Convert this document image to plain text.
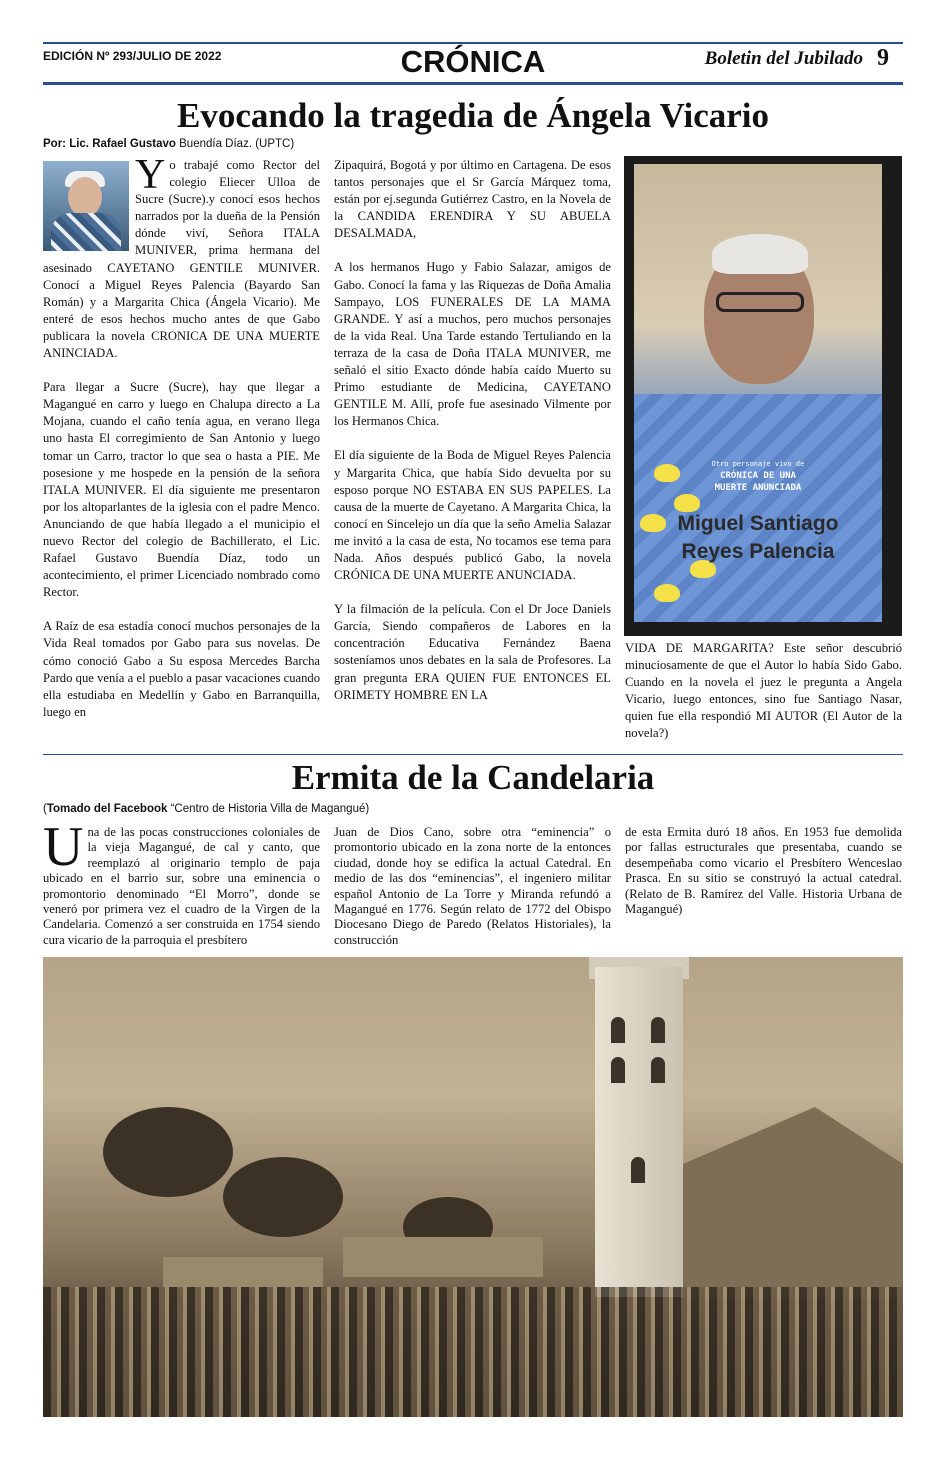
EDICIÓN Nº 293/JULIO DE 2022	CRÓNICA	Boletin del Jubilado 9
Evocando la tragedia de Ángela Vicario
Por: Lic. Rafael Gustavo Buendía Díaz. (UPTC)

Yo trabajé como Rector del colegio Eliecer Ulloa de Sucre (Sucre).y conocí esos hechos narrados por la dueña de la Pensión dónde viví, Señora ITALA MUNIVER, prima hermana del asesinado CAYETANO GENTILE MUNIVER. Conocí a Miguel Reyes Palencia (Bayardo San Román) y a Margarita Chica (Ángela Vicario). Me enteré de esos hechos mucho antes de que Gabo publicara la novela CRONICA DE UNA MUERTE ANINCIADA.

Para llegar a Sucre (Sucre), hay que llegar a Magangué en carro y luego en Chalupa directo a La Mojana, cuando el caño tenía agua, en verano llega uno hasta El corregimiento de San Antonio y luego tomar un Carro, tractor lo que sea o hasta a PIE. Me posesione y me hospede en la pensión de la señora ITALA MUNIVER. El día siguiente me presentaron por los altoparlantes de la iglesia con el padre Menco. Anunciando de que había llegado a el municipio el nuevo Rector del colegio de Bachillerato, el Lic. Rafael Gustavo Buendía Díaz, todo un acontecimiento, el primer Licenciado nombrado como Rector.

A Raíz de esa estadía conocí muchos personajes de la Vida Real tomados por Gabo para sus novelas. De cómo conoció Gabo a Su esposa Mercedes Barcha Pardo que venía a el pueblo a pasar vacaciones cuando ella estudiaba en Medellín y Gabo en Barranquilla, luego en

Zipaquirá, Bogotá y por último en Cartagena. De esos tantos personajes que el Sr García Márquez toma, están por ej.segunda Gutiérrez Castro, en la Novela de la CANDIDA ERENDIRA Y SU ABUELA DESALMADA,

A los hermanos Hugo y Fabio Salazar, amigos de Gabo. Conocí la fama y las Riquezas de Doña Amalia Sampayo, LOS FUNERALES DE LA MAMA GRANDE. Y así a muchos, pero muchos personajes de la vida Real. Una Tarde estando Tertuliando en la terraza de la casa de Doña ITALA MUNIVER, me señaló el sitio Exacto dónde había caído Muerto su Primo estudiante de Medicina, CAYETANO GENTILE M. Allí, profe fue asesinado Vilmente por los Hermanos Chica.

El día siguiente de la Boda de Miguel Reyes Palencia y Margarita Chica, que había Sido devuelta por su esposo porque NO ESTABA EN SUS PAPELES. La causa de la muerte de Cayetano. A Margarita Chica, la conocí en Sincelejo un día que la seño Amelia Salazar me invitó a la casa de esta, No tocamos ese tema para Nada. Años después publicó Gabo, la novela CRÓNICA DE UNA MUERTE ANUNCIADA.

Y la filmación de la película. Con el Dr Joce Daniels García, Siendo compañeros de Labores en la concentración Educativa Fernández Baena sosteníamos unos debates en la sala de Profesores. La gran pregunta ERA QUIEN FUE ENTONCES EL ORIMETY HOMBRE EN LA

Otro personaje vivo de
CRÓNICA DE UNA
MUERTE ANUNCIADA
Miguel Santiago
Reyes Palencia

VIDA DE MARGARITA? Este señor descubrió minuciosamente de que el Autor lo había Sido Gabo. Cuando en la novela el juez le pregunta a Angela Vicario, luego entonces, sino fue Santiago Nasar, quien fue ella respondió MI AUTOR (El Autor de la novela?)

Ermita de la Candelaria
(Tomado del Facebook “Centro de Historia Villa de Magangué)
Una de las pocas construcciones coloniales de la vieja Magangué, de cal y canto, que reemplazó al originario templo de paja ubicado en el barrio sur, sobre una eminencia o promontorio denominado “El Morro”, donde se veneró por primera vez el cuadro de la Virgen de la Candelaria. Comenzó a ser construida en 1754 siendo cura vicario de la parroquia el presbítero
Juan de Dios Cano, sobre otra “eminencia” o promontorio ubicado en la zona norte de la entonces ciudad, donde hoy se edifica la actual Catedral. En medio de las dos “eminencias”, el ingeniero militar español Antonio de La Torre y Miranda refundó a Magangué en 1776. Según relato de 1772 del Obispo Diocesano Diego de Paredo (Relatos Historiales), la construcción
de esta Ermita duró 18 años. En 1953 fue demolida por fallas estructurales que presentaba, cuando se desempeñaba como vicario el Presbítero Wenceslao Prasca. En su sitio se construyó la actual catedral. (Relato de B. Ramírez del Valle. Historia Urbana de Magangué)
